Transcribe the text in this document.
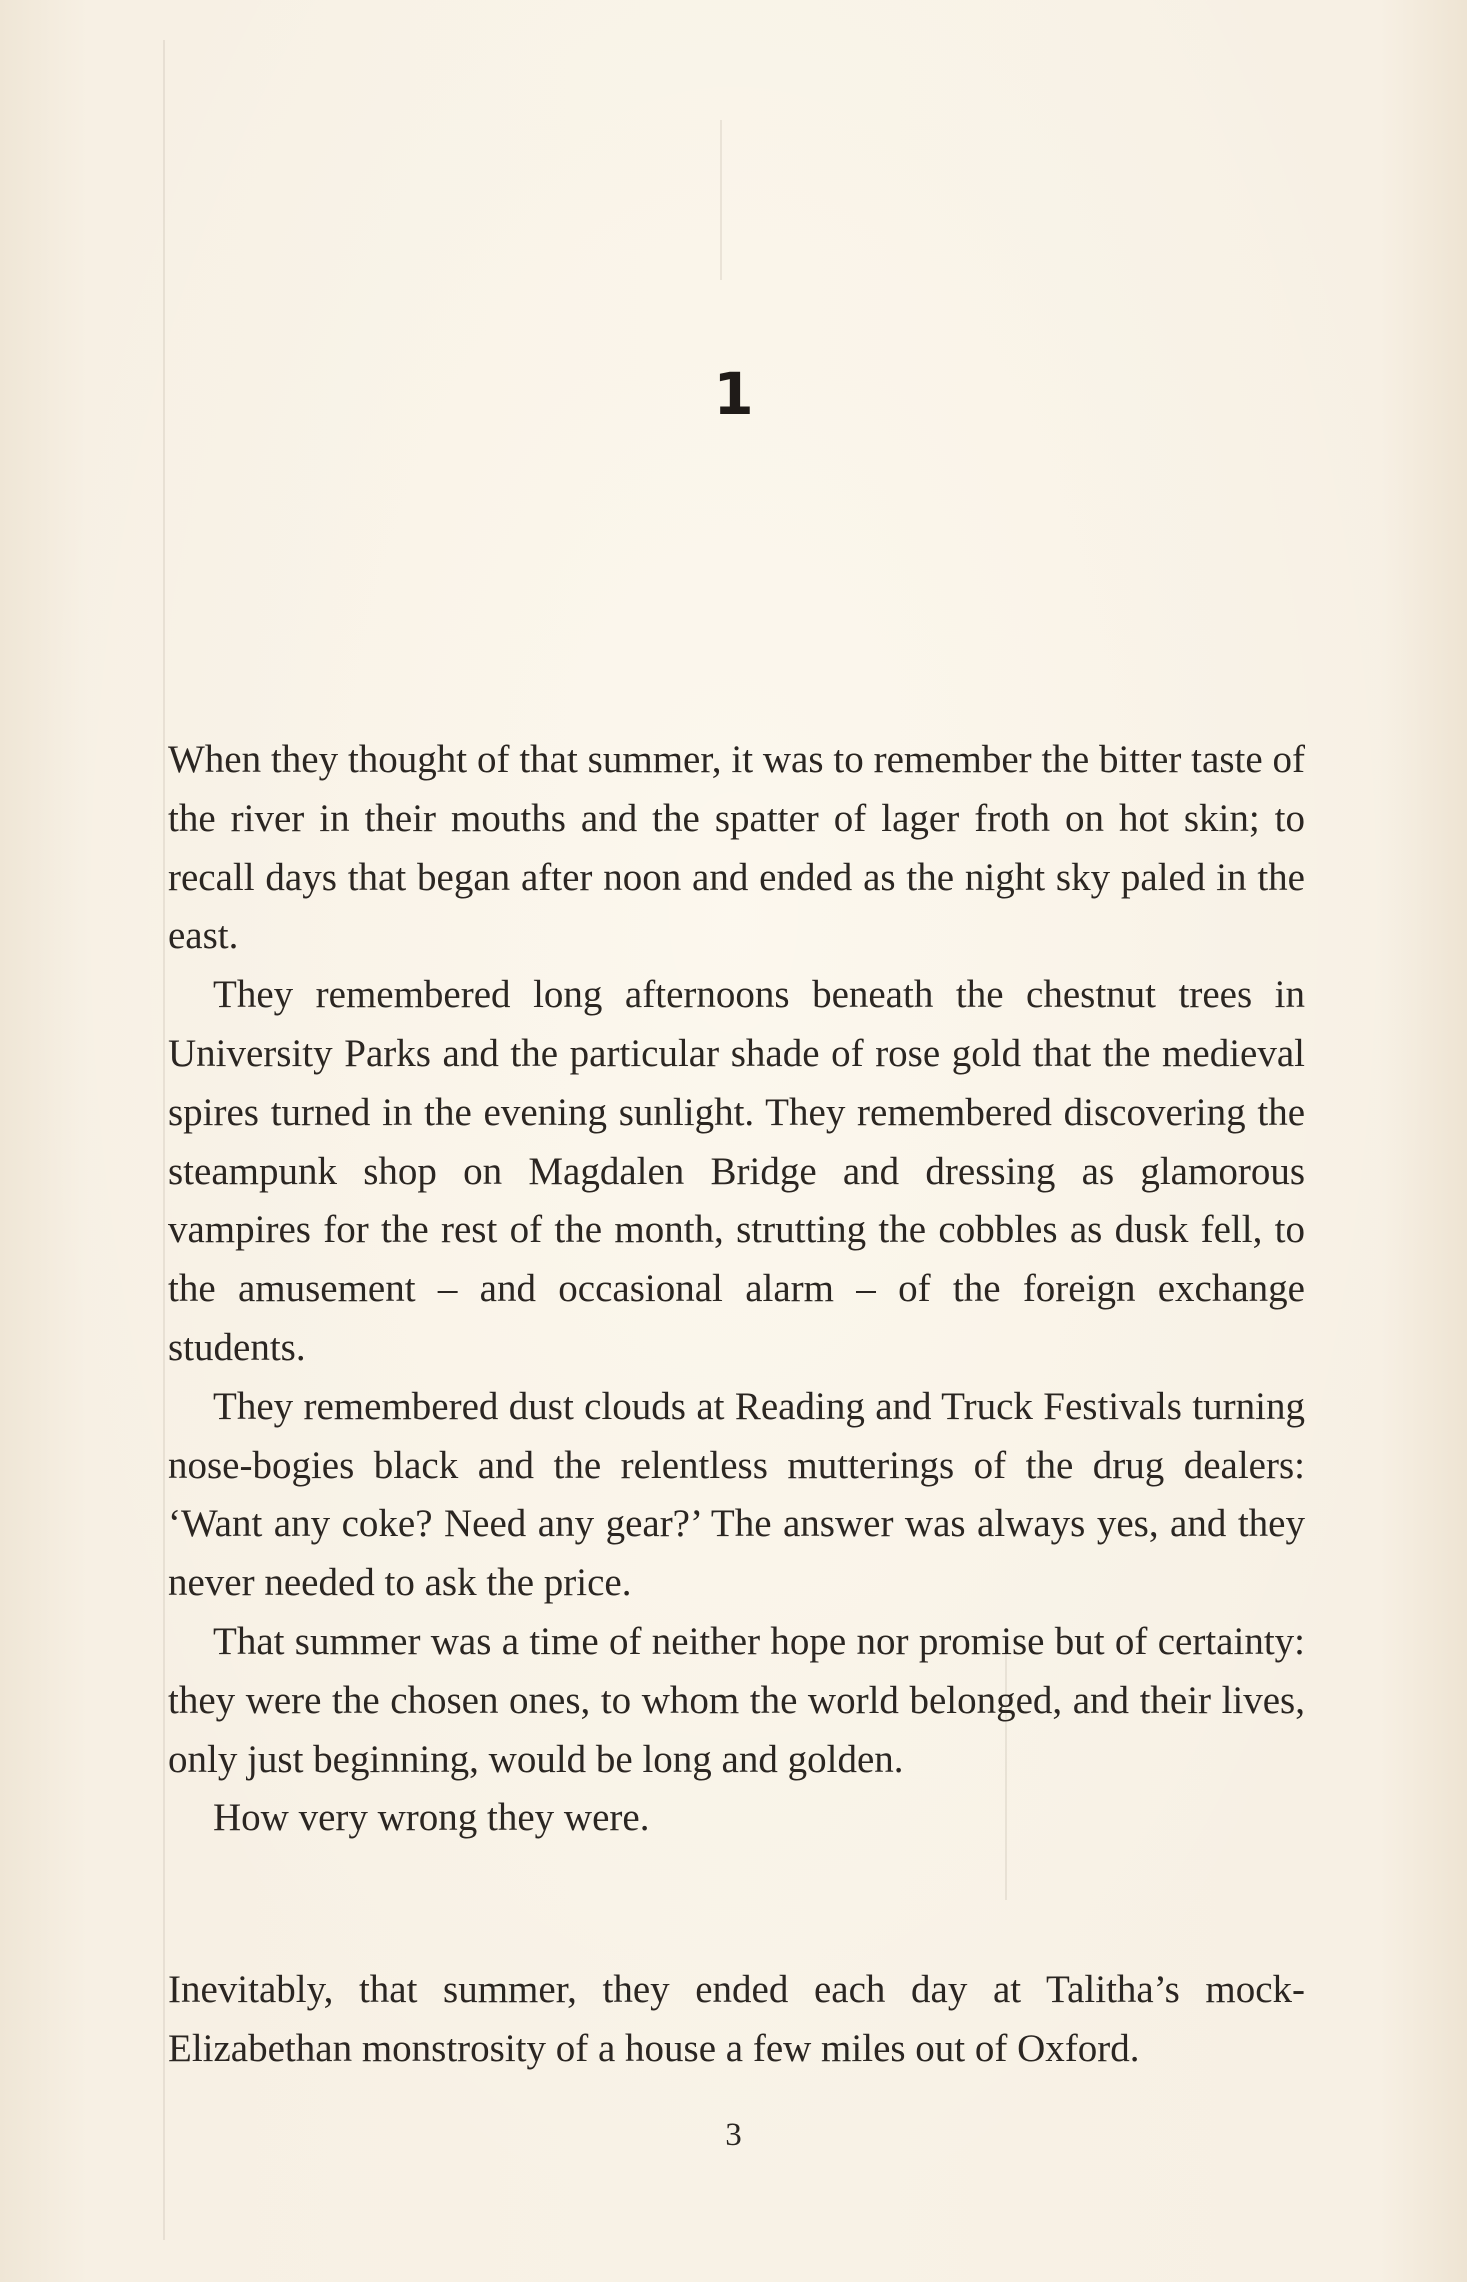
1

When they thought of that summer, it was to remember the bitter taste of the river in their mouths and the spatter of lager froth on hot skin; to recall days that began after noon and ended as the night sky paled in the east.

They remembered long afternoons beneath the chestnut trees in University Parks and the particular shade of rose gold that the medieval spires turned in the evening sunlight. They remembered discovering the steampunk shop on Magdalen Bridge and dressing as glamorous vampires for the rest of the month, strutting the cobbles as dusk fell, to the amusement – and occasional alarm – of the foreign exchange students.

They remembered dust clouds at Reading and Truck Festivals turning nose-bogies black and the relentless mutterings of the drug dealers: ‘Want any coke? Need any gear?’ The answer was always yes, and they never needed to ask the price.

That summer was a time of neither hope nor promise but of certainty: they were the chosen ones, to whom the world belonged, and their lives, only just beginning, would be long and golden.

How very wrong they were.

Inevitably, that summer, they ended each day at Talitha’s mock-Elizabethan monstrosity of a house a few miles out of Oxford.

3
